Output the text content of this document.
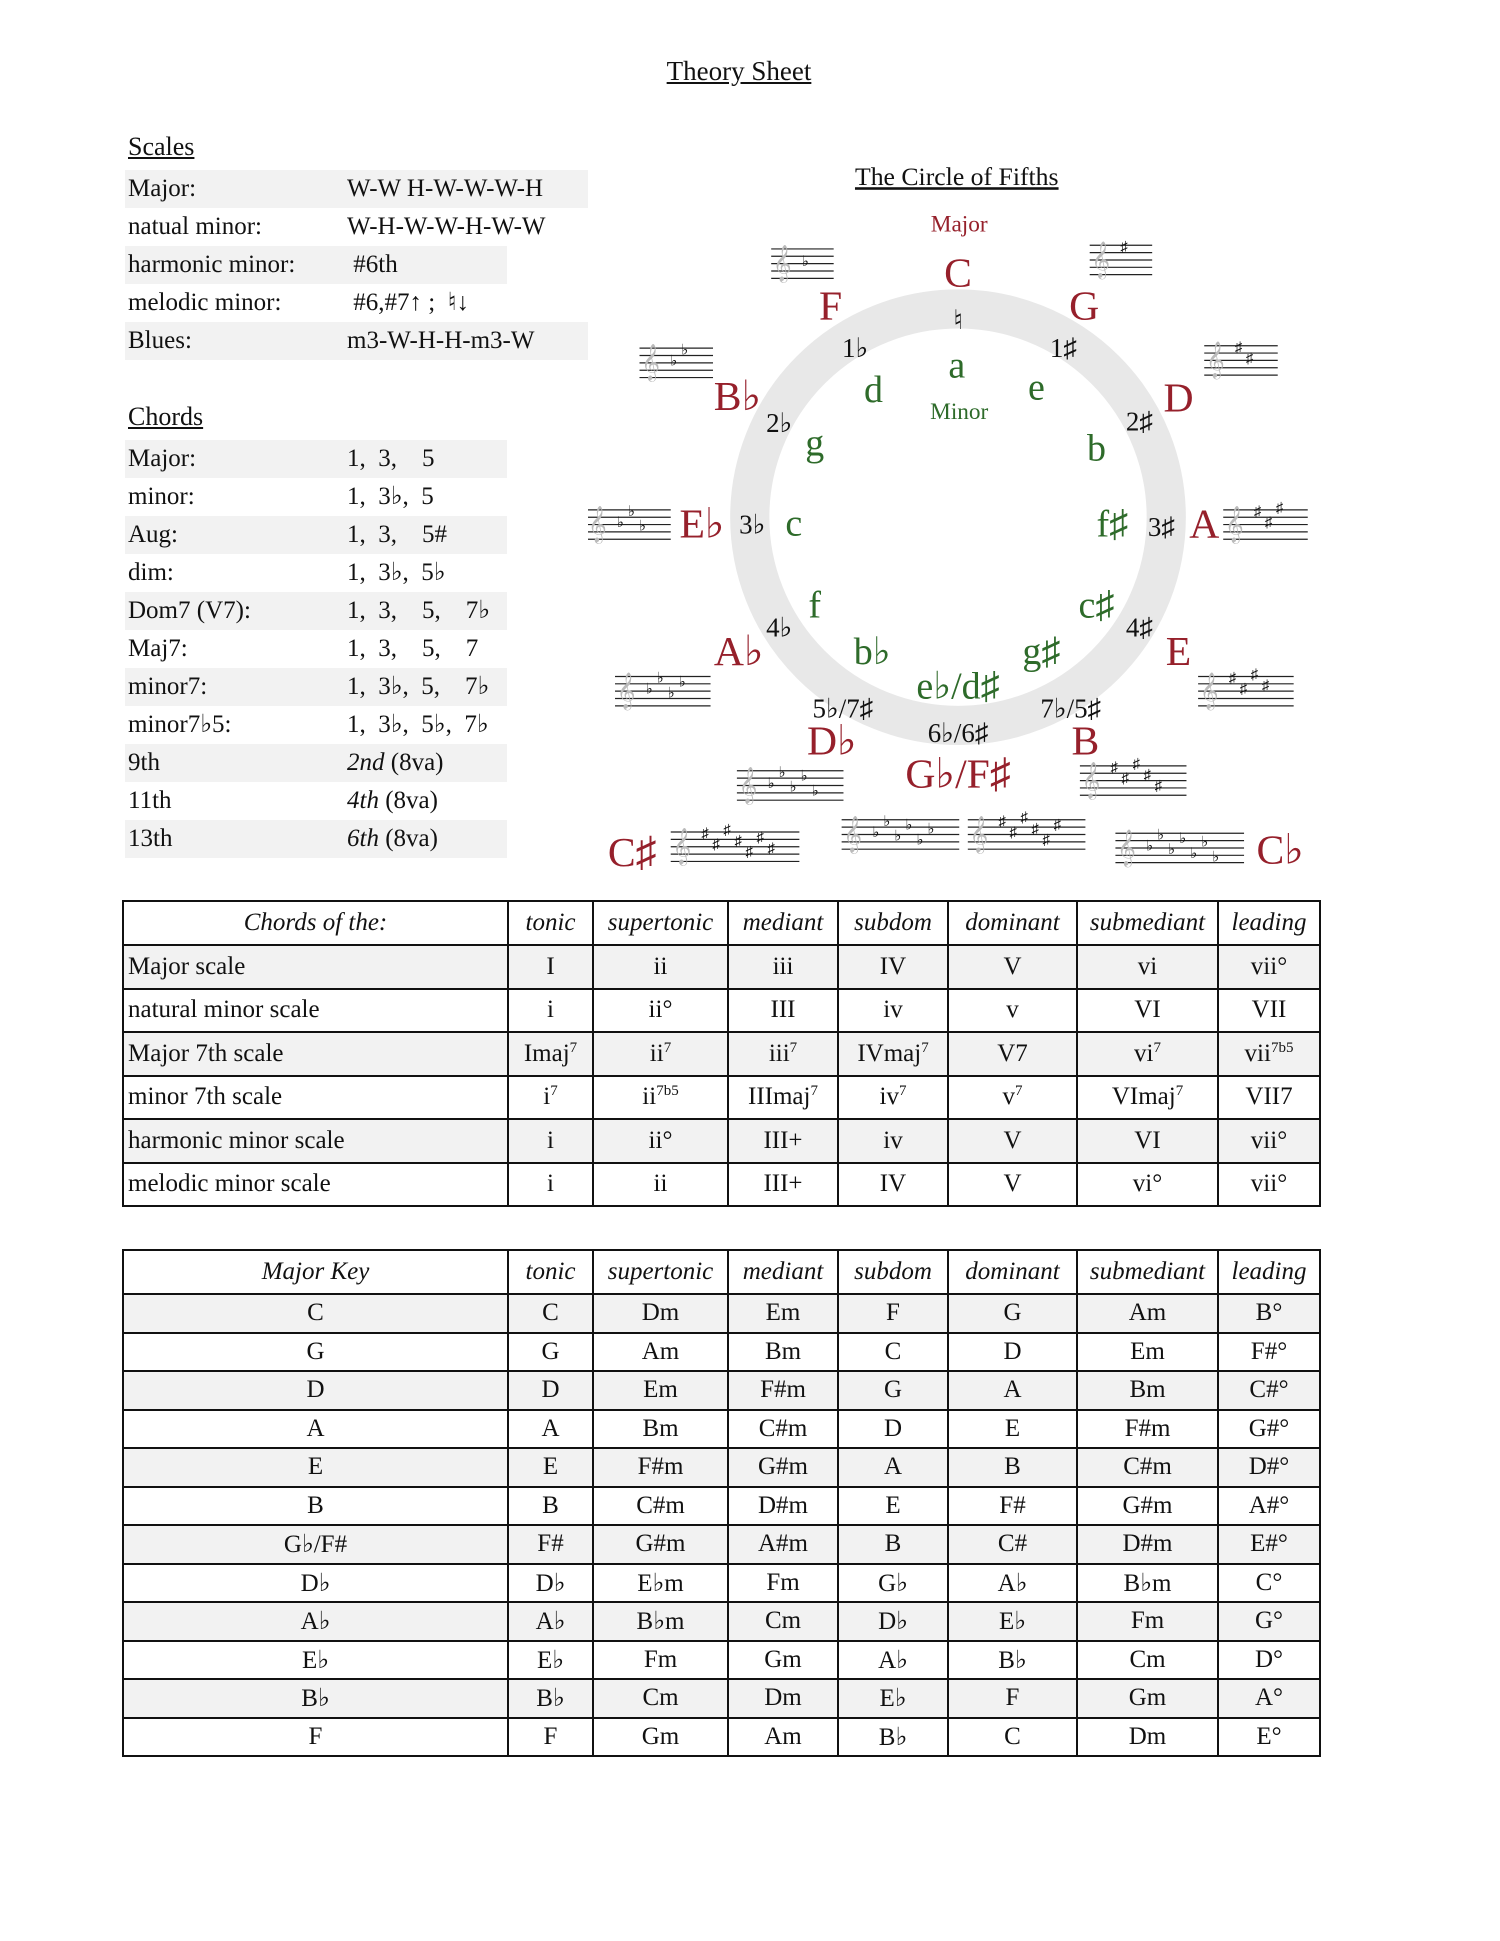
Theory Sheet
Scales
Major:	W-W H-W-W-W-H
natual minor:	W-H-W-W-H-W-W
harmonic minor: #6th
melodic minor:	#6,#7↑ ;  ♮↓
Blues:	m3-W-H-H-m3-W
Chords
Major:	1,  3,    5
minor:	1,  3♭,  5
Aug:	1,  3,    5#
dim:	1,  3♭,  5♭
Dom7 (V7):	1,  3,    5,    7♭
Maj7:	1,  3,    5,    7
minor7:	1,  3♭,  5,    7♭
minor7♭5:	1,  3♭,  5♭,  7♭
9th	2nd (8va)
11th	4th (8va)
13th	6th (8va)
The Circle of Fifths
Major
Minor
C
G
D
A
E
B
G♭/F♯
D♭
A♭
E♭
B♭
F
C♯	C♭
a
e
b
f♯
c♯
g♯
e♭/d♯
b♭
f
c
g
d
♮
1♯
2♯
3♯
4♯
7♭/5♯
6♭/6♯
5♭/7♯
4♭
3♭
2♭
1♭
𝄞 ♭	𝄞 ♯
𝄞 ♭
♭	𝄞 ♯
♯
𝄞 ♭
♭
♭	𝄞 ♯
♯
♯
𝄞 ♭
♭
♭
♭	𝄞 ♯
♯
♯
♯
𝄞 ♭
♭
♭
♭
♭	𝄞 ♯
♯
♯
♯
♯
𝄞 ♯
♯
♯
♯
♯
♯
♯	𝄞 ♭
♭
♭
♭
♭
♭ 𝄞 ♯
♯
♯
♯
♯
♯
𝄞 ♭
♭
♭
♭
♭
♭
♭
Chords of the:	tonic	supertonic	mediant	subdom	dominant	submediant	leading
Major scale	I	ii	iii	IV	V	vi	vii°
natural minor scale	i	ii°	III	iv	v	VI	VII
Major 7th scale	Imaj$^7$	$ii^7$	iii$^7$	IVmaj$^7$	V7	$vi^7$	vii$^{7b5}$
minor 7th scale	$i^7$	$ii^{7b5}$	IIImaj$^7$	$iv^7$	$v^7$	VImaj$^7$	VII7
harmonic minor scale	i	ii°	III+	iv	V	VI	vii°
melodic minor scale	i	ii	III+	IV	V	vi°	vii°
Major Key	tonic	supertonic	mediant	subdom	dominant	submediant	leading
C	C	Dm	Em	F	G	Am	B°
G	G	Am	Bm	C	D	Em	F#°
D	D	Em	F#m	G	A	Bm	C#°
A	A	Bm	C#m	D	E	F#m	G#°
E	E	F#m	G#m	A	B	C#m	D#°
B	B	C#m	D#m	E	F#	G#m	A#°
G♭/F#	F#	G#m	A#m	B	C#	D#m	E#°
D♭	D♭	E♭m	Fm	G♭	A♭	B♭m	C°
A♭	A♭	B♭m	Cm	D♭	E♭	Fm	G°
E♭	E♭	Fm	Gm	A♭	B♭	Cm	D°
B♭	B♭	Cm	Dm	E♭	F	Gm	A°
F	F	Gm	Am	B♭	C	Dm	E°
